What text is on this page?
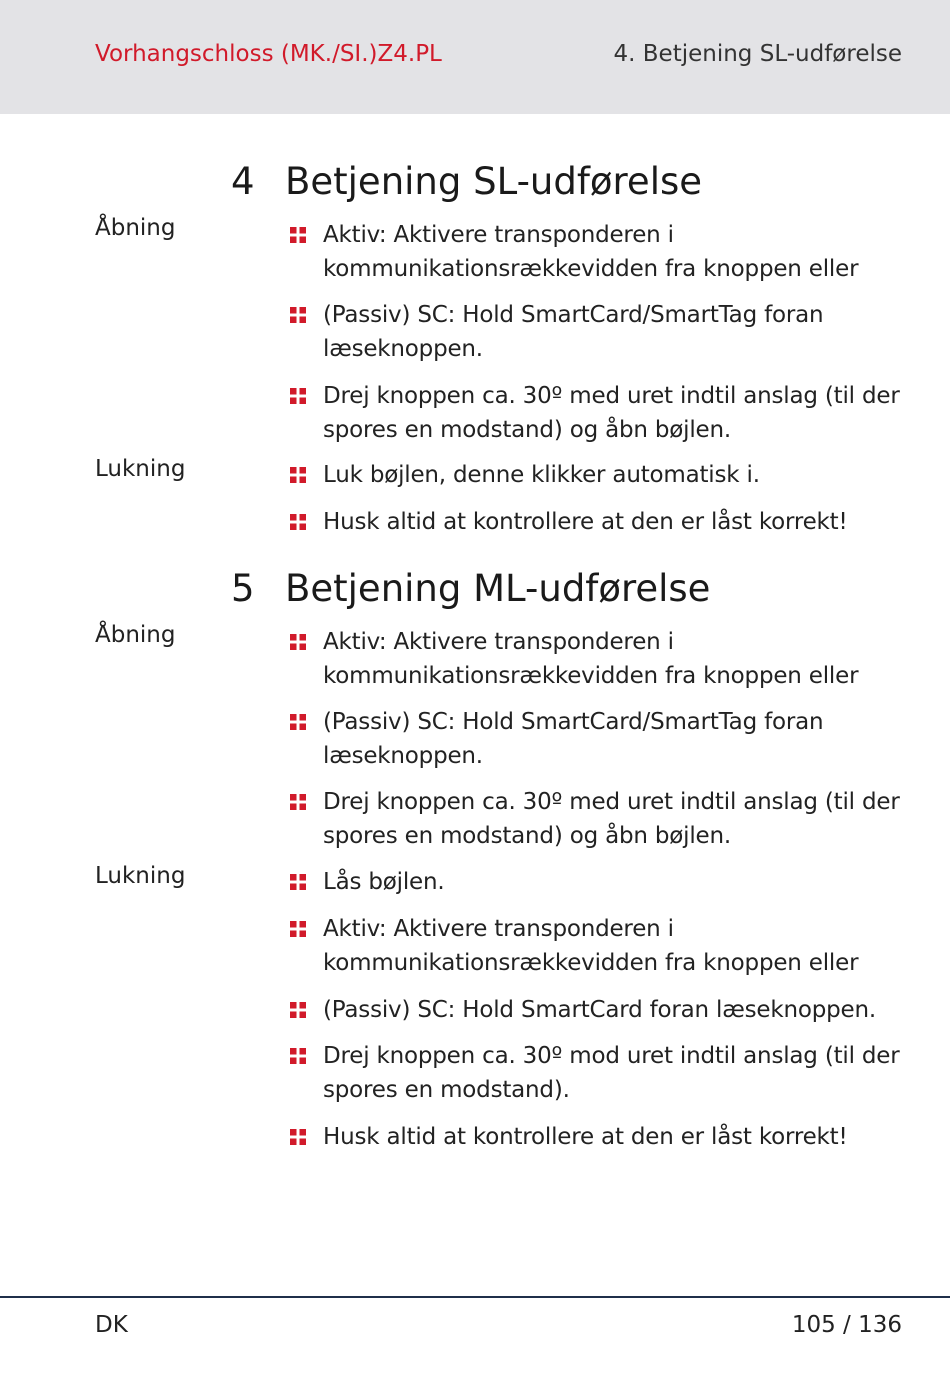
Vorhangschloss (MK./SI.)Z4.PL	4. Betjening SL-udførelse
4 Betjening SL-udførelse
Åbning	Aktiv: Aktivere transponderen i kommunikationsrækkevidden fra knoppen eller
(Passiv) SC: Hold SmartCard/SmartTag foran læseknoppen.
Drej knoppen ca. 30º med uret indtil anslag (til der spores en modstand) og åbn bøjlen.
Lukning	Luk bøjlen, denne klikker automatisk i.
Husk altid at kontrollere at den er låst korrekt!
5 Betjening ML-udførelse
Åbning	Aktiv: Aktivere transponderen i kommunikationsrækkevidden fra knoppen eller
(Passiv) SC: Hold SmartCard/SmartTag foran læseknoppen.
Drej knoppen ca. 30º med uret indtil anslag (til der spores en modstand) og åbn bøjlen.
Lukning	Lås bøjlen.
Aktiv: Aktivere transponderen i kommunikationsrækkevidden fra knoppen eller
(Passiv) SC: Hold SmartCard foran læseknoppen.
Drej knoppen ca. 30º mod uret indtil anslag (til der spores en modstand).
Husk altid at kontrollere at den er låst korrekt!
DK	105 / 136
